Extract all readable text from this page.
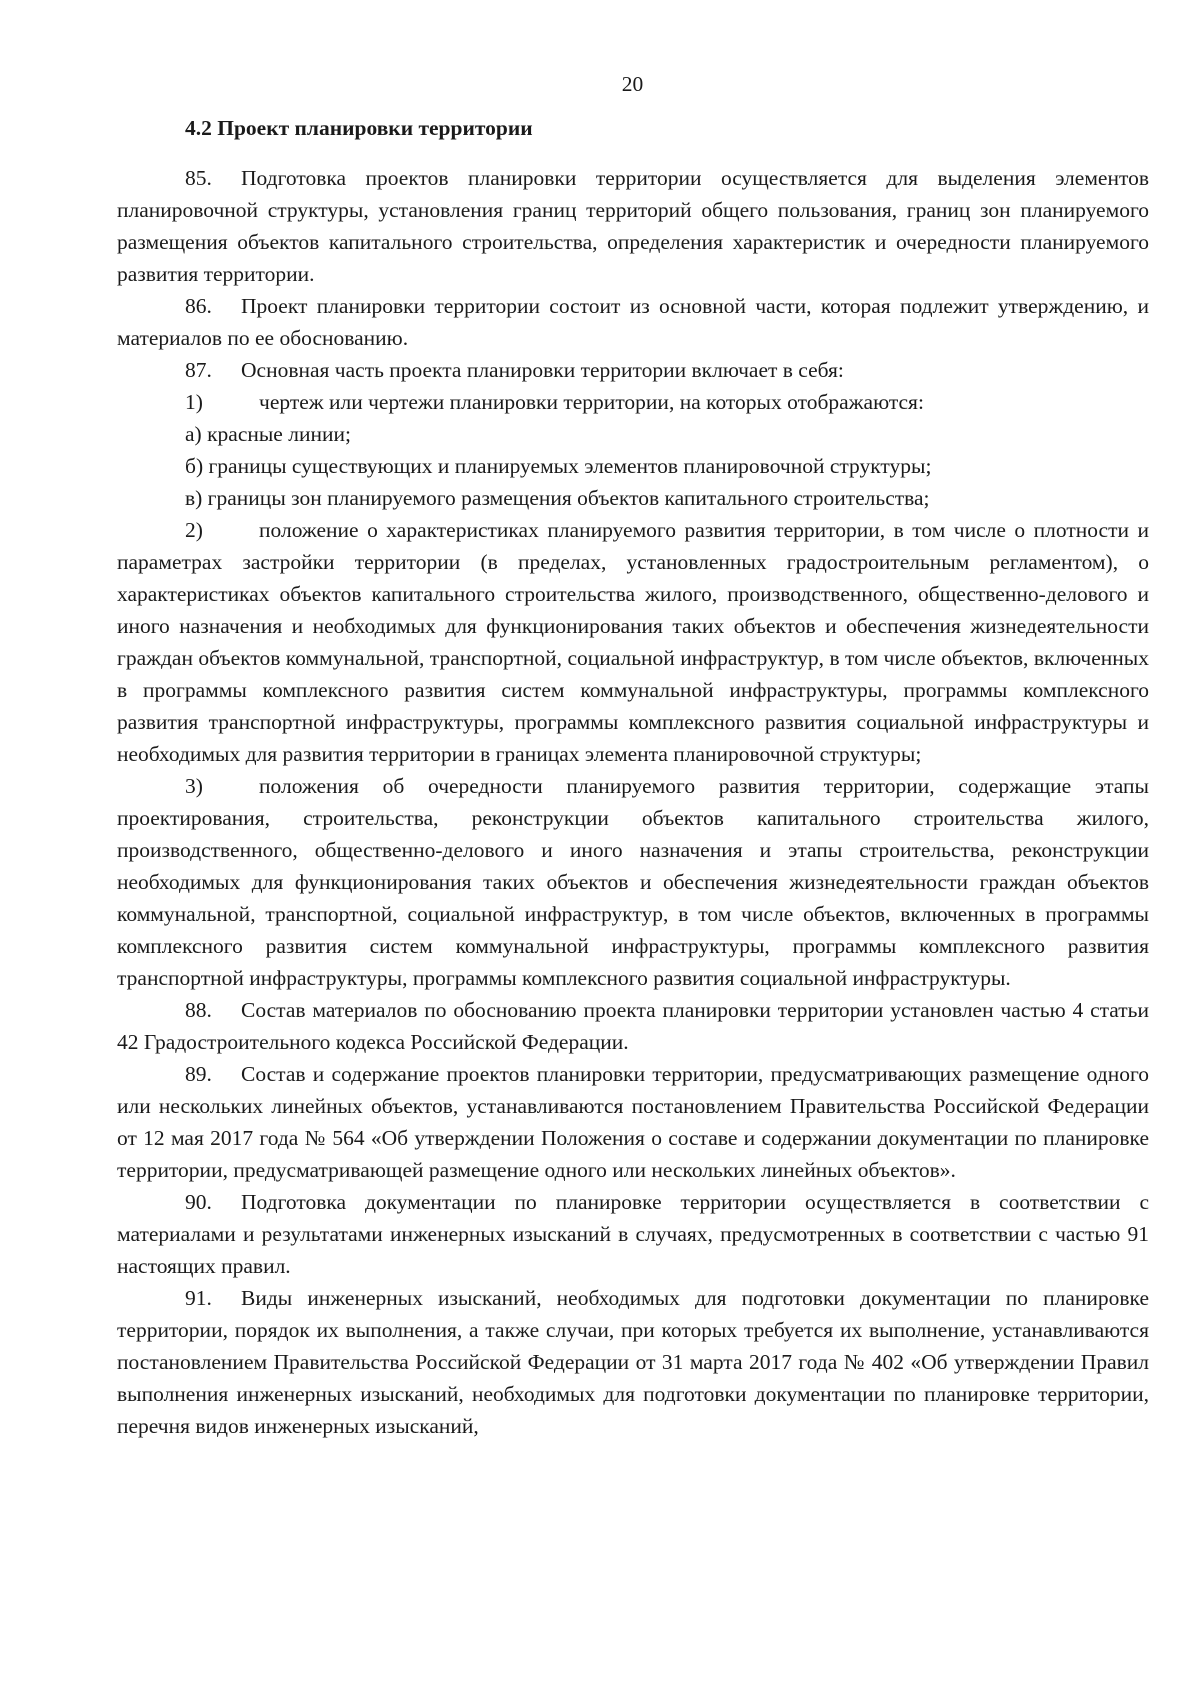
20
4.2 Проект планировки территории

85. Подготовка проектов планировки территории осуществляется для выделения элементов планировочной структуры, установления границ территорий общего пользования, границ зон планируемого размещения объектов капитального строительства, определения характеристик и очередности планируемого развития территории.

86. Проект планировки территории состоит из основной части, которая подлежит утверждению, и материалов по ее обоснованию.

87. Основная часть проекта планировки территории включает в себя:

1)	чертеж или чертежи планировки территории, на которых отображаются:

а) красные линии;

б) границы существующих и планируемых элементов планировочной структуры;

в) границы зон планируемого размещения объектов капитального строительства;

2)	положение о характеристиках планируемого развития территории, в том числе о плотности и параметрах застройки территории (в пределах, установленных градостроительным регламентом), о характеристиках объектов капитального строительства жилого, производственного, общественно-делового и иного назначения и необходимых для функционирования таких объектов и обеспечения жизнедеятельности граждан объектов коммунальной, транспортной, социальной инфраструктур, в том числе объектов, включенных в программы комплексного развития систем коммунальной инфраструктуры, программы комплексного развития транспортной инфраструктуры, программы комплексного развития социальной инфраструктуры и необходимых для развития территории в границах элемента планировочной структуры;

3)	положения об очередности планируемого развития территории, содержащие этапы проектирования, строительства, реконструкции объектов капитального строительства жилого, производственного, общественно-делового и иного назначения и этапы строительства, реконструкции необходимых для функционирования таких объектов и обеспечения жизнедеятельности граждан объектов коммунальной, транспортной, социальной инфраструктур, в том числе объектов, включенных в программы комплексного развития систем коммунальной инфраструктуры, программы комплексного развития транспортной инфраструктуры, программы комплексного развития социальной инфраструктуры.

88. Состав материалов по обоснованию проекта планировки территории установлен частью 4 статьи 42 Градостроительного кодекса Российской Федерации.

89. Состав и содержание проектов планировки территории, предусматривающих размещение одного или нескольких линейных объектов, устанавливаются постановлением Правительства Российской Федерации от 12 мая 2017 года № 564 «Об утверждении Положения о составе и содержании документации по планировке территории, предусматривающей размещение одного или нескольких линейных объектов».

90. Подготовка документации по планировке территории осуществляется в соответствии с материалами и результатами инженерных изысканий в случаях, предусмотренных в соответствии с частью 91 настоящих правил.

91. Виды инженерных изысканий, необходимых для подготовки документации по планировке территории, порядок их выполнения, а также случаи, при которых требуется их выполнение, устанавливаются постановлением Правительства Российской Федерации от 31 марта 2017 года № 402 «Об утверждении Правил выполнения инженерных изысканий, необходимых для подготовки документации по планировке территории, перечня видов инженерных изысканий,
